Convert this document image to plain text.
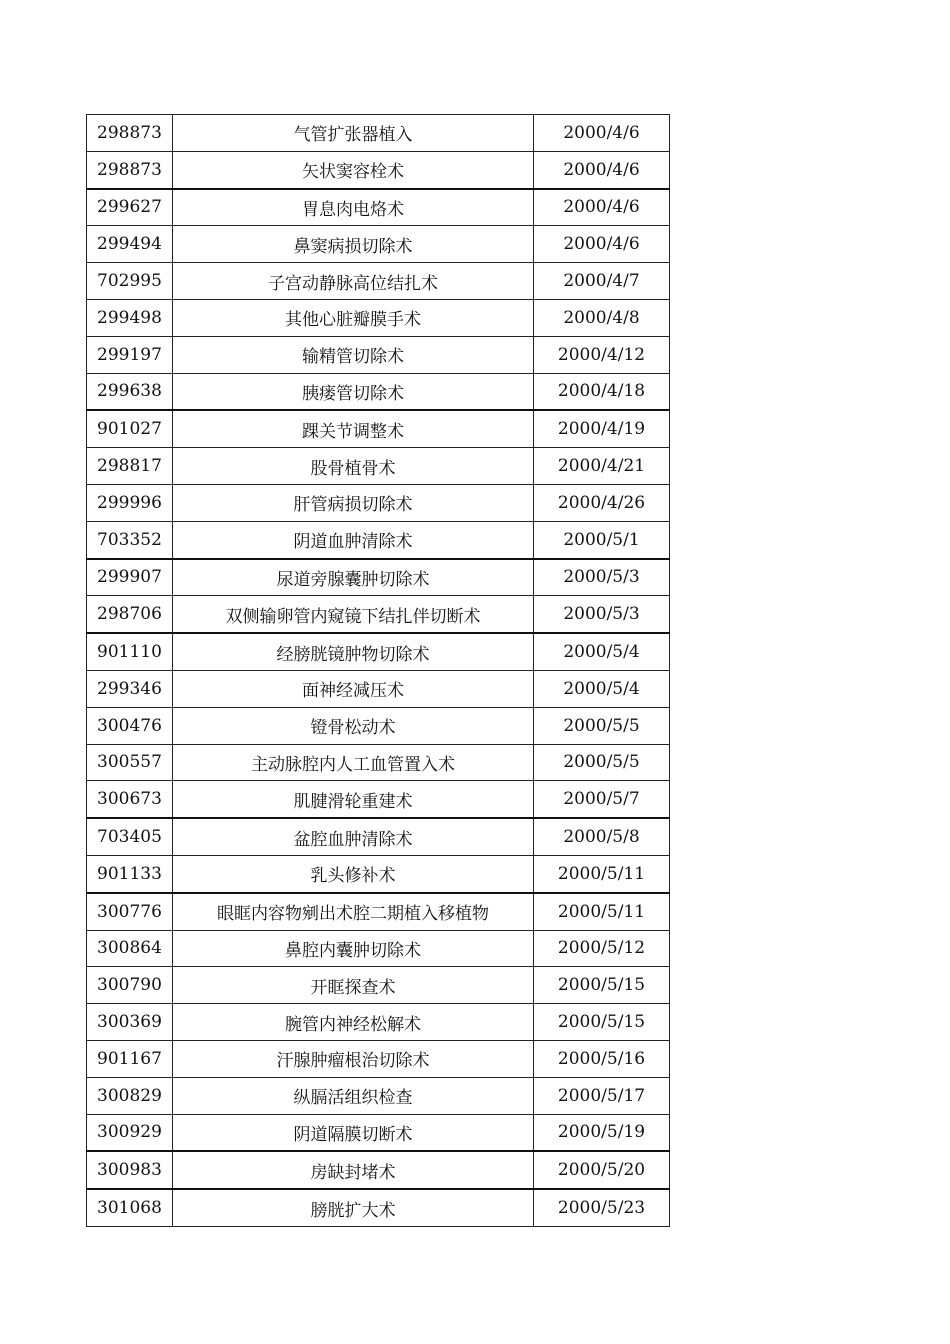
298873	气管扩张器植入	2000/4/6
298873	矢状窦容栓术	2000/4/6
299627	胃息肉电烙术	2000/4/6
299494	鼻窦病损切除术	2000/4/6
702995	子宫动静脉高位结扎术	2000/4/7
299498	其他心脏瓣膜手术	2000/4/8
299197	输精管切除术	2000/4/12
299638	胰瘘管切除术	2000/4/18
901027	踝关节调整术	2000/4/19
298817	股骨植骨术	2000/4/21
299996	肝管病损切除术	2000/4/26
703352	阴道血肿清除术	2000/5/1
299907	尿道旁腺囊肿切除术	2000/5/3
298706	双侧输卵管内窥镜下结扎伴切断术	2000/5/3
901110	经膀胱镜肿物切除术	2000/5/4
299346	面神经减压术	2000/5/4
300476	镫骨松动术	2000/5/5
300557	主动脉腔内人工血管置入术	2000/5/5
300673	肌腱滑轮重建术	2000/5/7
703405	盆腔血肿清除术	2000/5/8
901133	乳头修补术	2000/5/11
300776	眼眶内容物剜出术腔二期植入移植物	2000/5/11
300864	鼻腔内囊肿切除术	2000/5/12
300790	开眶探查术	2000/5/15
300369	腕管内神经松解术	2000/5/15
901167	汗腺肿瘤根治切除术	2000/5/16
300829	纵膈活组织检查	2000/5/17
300929	阴道隔膜切断术	2000/5/19
300983	房缺封堵术	2000/5/20
301068	膀胱扩大术	2000/5/23
